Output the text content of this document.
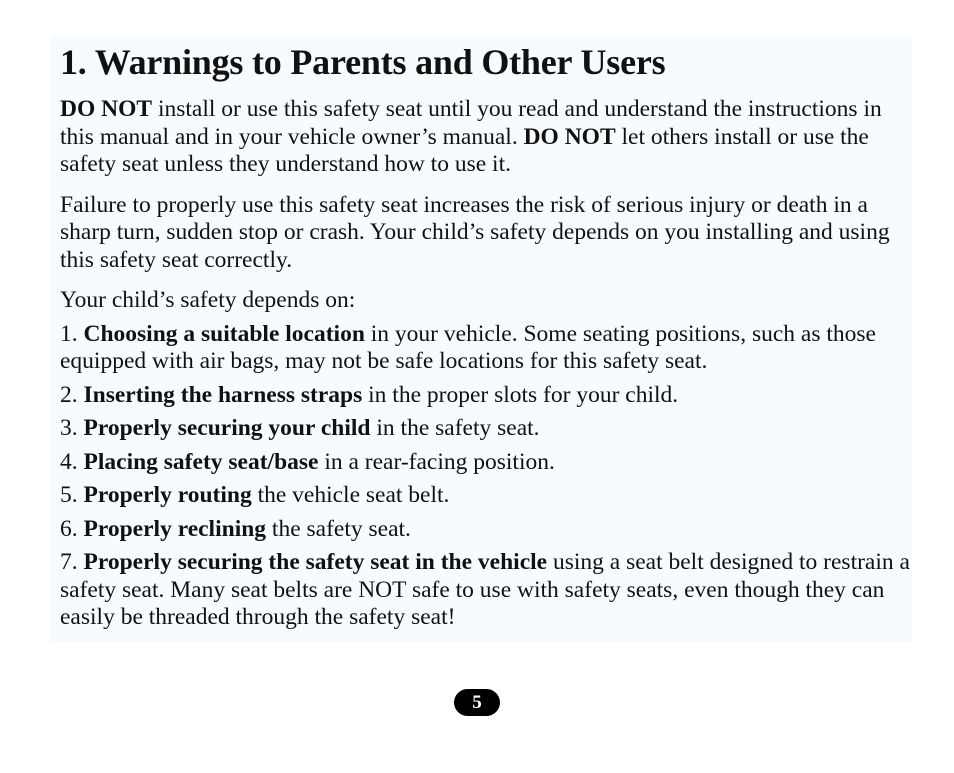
1. Warnings to Parents and Other Users

DO NOT install or use this safety seat until you read and understand the instructions in this manual and in your vehicle owner’s manual. DO NOT let others install or use the safety seat unless they understand how to use it.

Failure to properly use this safety seat increases the risk of serious injury or death in a sharp turn, sudden stop or crash. Your child’s safety depends on you installing and using this safety seat correctly.

Your child’s safety depends on:

1. Choosing a suitable location in your vehicle. Some seating positions, such as those equipped with air bags, may not be safe locations for this safety seat.

2. Inserting the harness straps in the proper slots for your child.

3. Properly securing your child in the safety seat.

4. Placing safety seat/base in a rear-facing position.

5. Properly routing the vehicle seat belt.

6. Properly reclining the safety seat.

7. Properly securing the safety seat in the vehicle using a seat belt designed to restrain a safety seat. Many seat belts are NOT safe to use with safety seats, even though they can easily be threaded through the safety seat!

5
